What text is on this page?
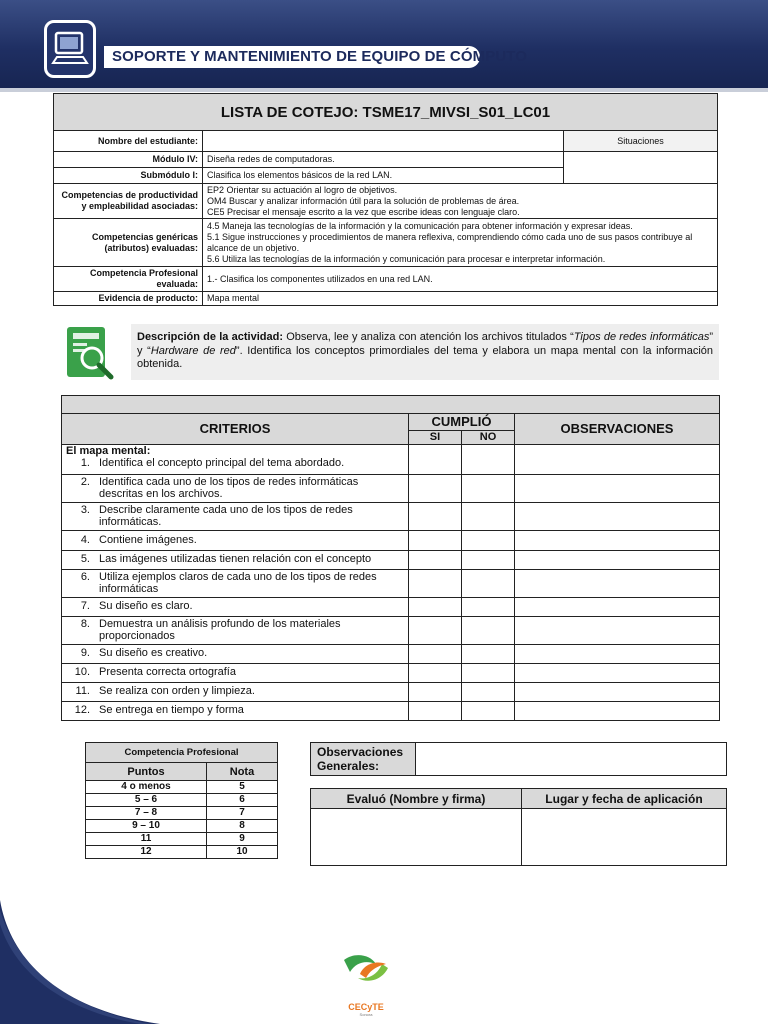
SOPORTE Y MANTENIMIENTO DE EQUIPO DE CÓMPUTO
LISTA DE COTEJO: TSME17_MIVSI_S01_LC01		
Nombre del estudiante:		Situaciones
Módulo IV:	Diseña redes de computadoras.	
Submódulo I:	Clasifica los elementos básicos de la red LAN.	
Competencias de productividad y empleabilidad asociadas:	EP2 Orientar su actuación al logro de objetivos.
OM4 Buscar y analizar información útil para la solución de problemas de área.
CE5 Precisar el mensaje escrito a la vez que escribe ideas con lenguaje claro.	

Competencias genéricas (atributos) evaluadas:	4.5 Maneja las tecnologías de la información y la comunicación para obtener información y expresar ideas.
5.1 Sigue instrucciones y procedimientos de manera reflexiva, comprendiendo cómo cada uno de sus pasos contribuye al alcance de un objetivo.
5.6 Utiliza las tecnologías de la información y comunicación para procesar e interpretar información.	

Competencia Profesional evaluada:	1.- Clasifica los componentes utilizados en una red LAN.	
Evidencia de producto:	Mapa mental	
Descripción de la actividad: Observa, lee y analiza con atención los archivos titulados “Tipos de redes informáticas” y “Hardware de red”. Identifica los conceptos primordiales del tema y elabora un mapa mental con la información obtenida.

CRITERIOS	CUMPLIÓ		OBSERVACIONES
	SI	NO	

El mapa mental:
1. Identifica el concepto principal del tema abordado.			
2. Identifica cada uno de los tipos de redes informáticas descritas en los archivos.			
3. Describe claramente cada uno de los tipos de redes informáticas.			
4. Contiene imágenes.			
5. Las imágenes utilizadas tienen relación con el concepto			
6. Utiliza ejemplos claros de cada uno de los tipos de redes informáticas			
7. Su diseño es claro.			
8. Demuestra un análisis profundo de los materiales proporcionados			
9. Su diseño es creativo.			
10. Presenta correcta ortografía			
11. Se realiza con orden y limpieza.			
12. Se entrega en tiempo y forma			
Competencia Profesional	
Puntos	Nota
4 o menos	5
5 – 6	6
7 – 8	7
9 – 10	8
11	9
12	10
Observaciones Generales:	
Evaluó (Nombre y firma)	Lugar y fecha de aplicación

CECyTE
Sonora
